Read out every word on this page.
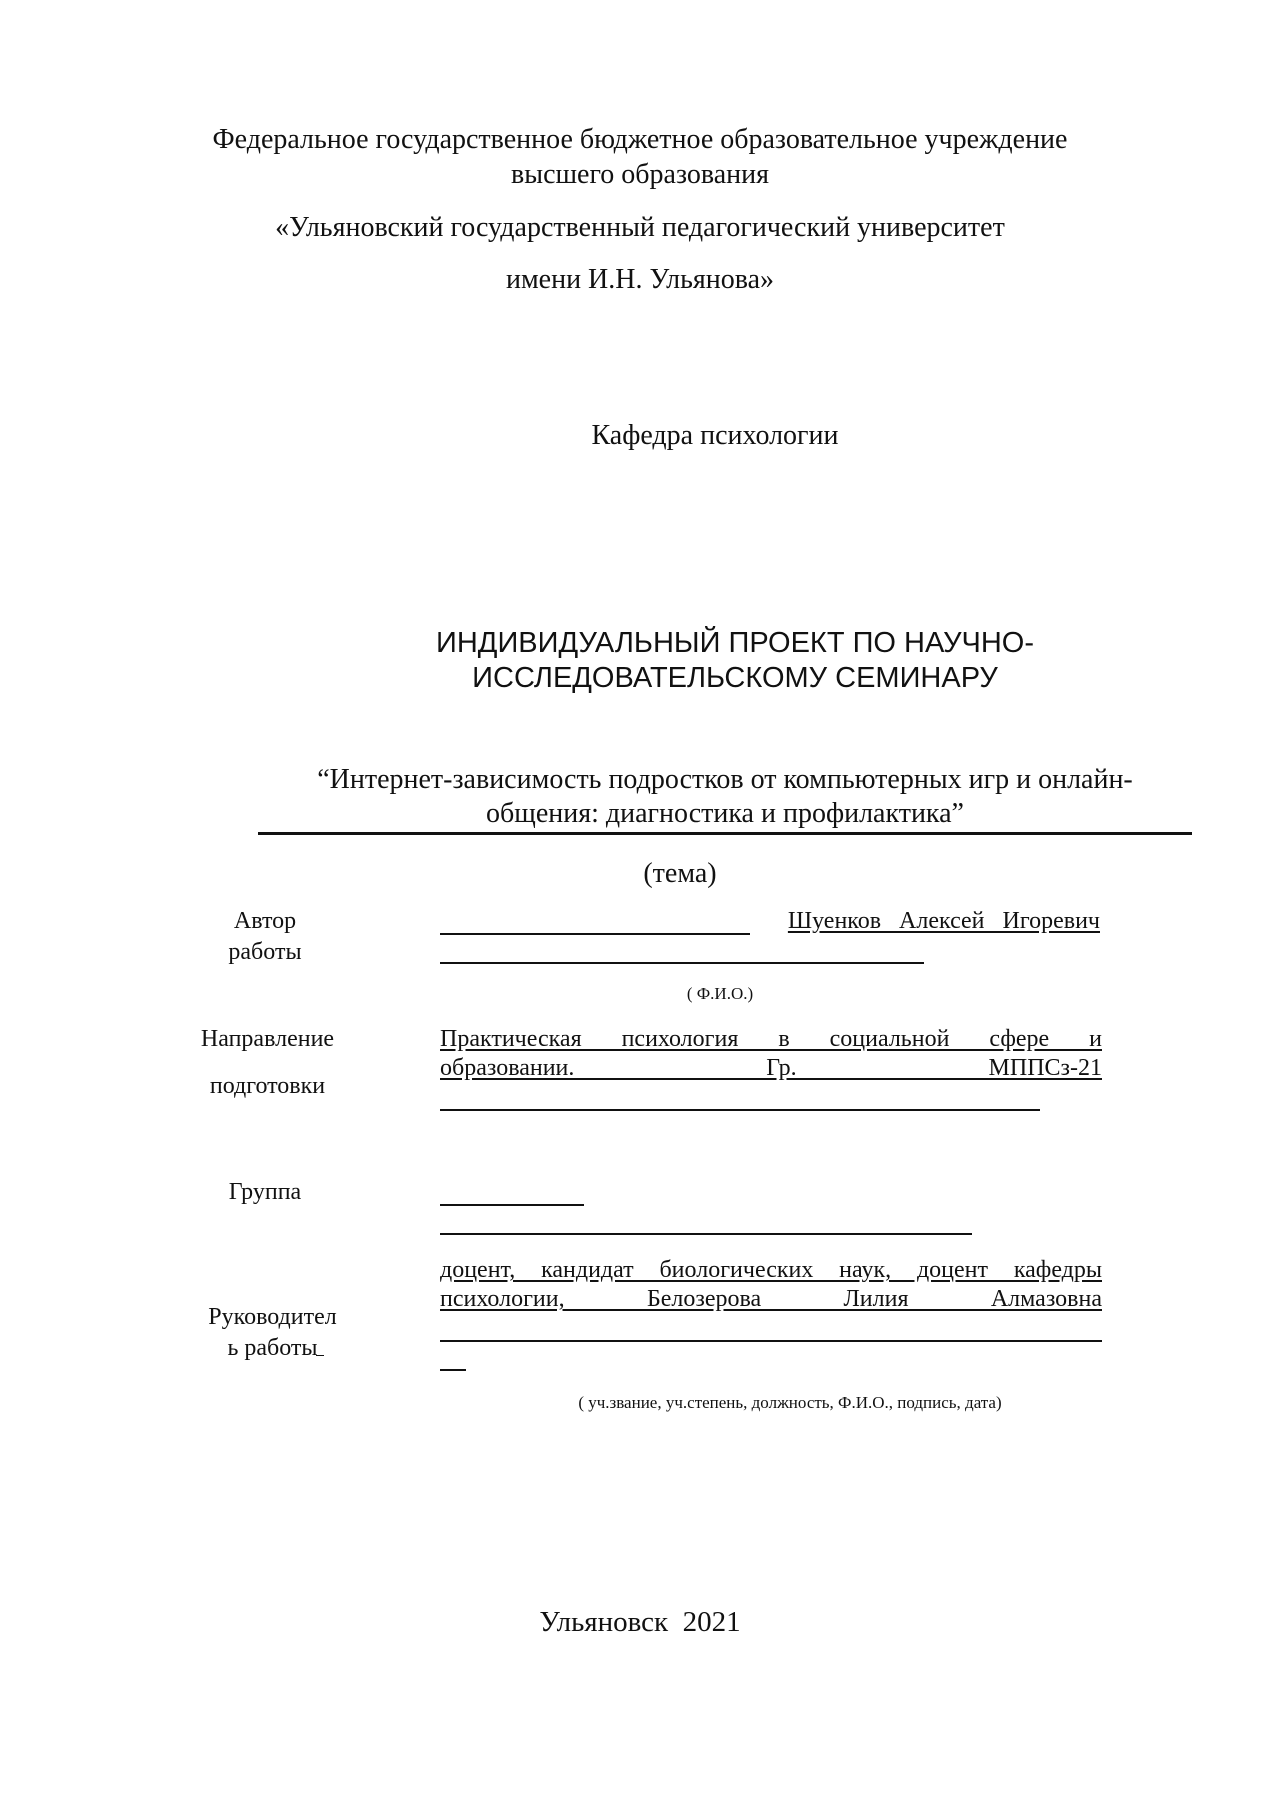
Федеральное государственное бюджетное образовательное учреждение
высшего образования
«Ульяновский государственный педагогический университет
имени И.Н. Ульянова»
Кафедра психологии
ИНДИВИДУАЛЬНЫЙ ПРОЕКТ ПО НАУЧНО-
ИССЛЕДОВАТЕЛЬСКОМУ СЕМИНАРУ
“Интернет-зависимость подростков от компьютерных игр и онлайн-
общения: диагностика и профилактика”
(тема)
Автор
работы
Шуенков Алексей Игоревич
( Ф.И.О.)
Направление
подготовки
Практическая психология в социальной сфере и
образовании. Гр. МППСз-21
Группа
доцент, кандидат биологических наук, доцент кафедры
психологии, Белозерова Лилия Алмазовна
Руководител
ь работы
( уч.звание, уч.степень, должность, Ф.И.О., подпись, дата)
Ульяновск  2021
